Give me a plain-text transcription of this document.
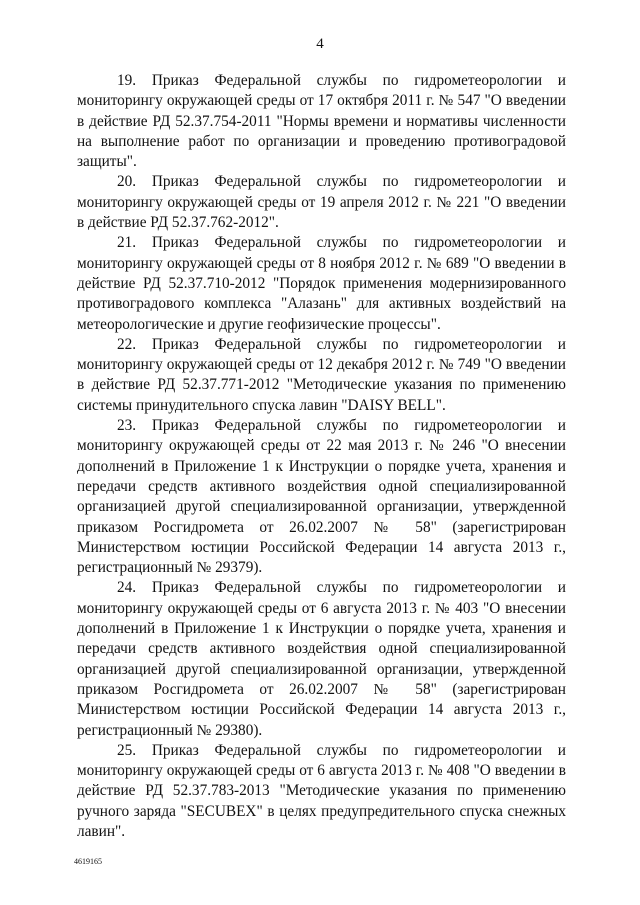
4

19. Приказ Федеральной службы по гидрометеорологии и мониторингу окружающей среды от 17 октября 2011 г. № 547 "О введении в действие РД 52.37.754-2011 "Нормы времени и нормативы численности на выполнение работ по организации и проведению противоградовой защиты".

20. Приказ Федеральной службы по гидрометеорологии и мониторингу окружающей среды от 19 апреля 2012 г. № 221 "О введении в действие РД 52.37.762-2012".

21. Приказ Федеральной службы по гидрометеорологии и мониторингу окружающей среды от 8 ноября 2012 г. № 689 "О введении в действие РД 52.37.710-2012 "Порядок применения модернизированного противоградового комплекса "Алазань" для активных воздействий на метеорологические и другие геофизические процессы".

22. Приказ Федеральной службы по гидрометеорологии и мониторингу окружающей среды от 12 декабря 2012 г. № 749 "О введении в действие РД 52.37.771-2012 "Методические указания по применению системы принудительного спуска лавин "DAISY BELL".

23. Приказ Федеральной службы по гидрометеорологии и мониторингу окружающей среды от 22 мая 2013 г. № 246 "О внесении дополнений в Приложение 1 к Инструкции о порядке учета, хранения и передачи средств активного воздействия одной специализированной организацией другой специализированной организации, утвержденной приказом Росгидромета от 26.02.2007 № 58" (зарегистрирован Министерством юстиции Российской Федерации 14 августа 2013 г., регистрационный № 29379).

24. Приказ Федеральной службы по гидрометеорологии и мониторингу окружающей среды от 6 августа 2013 г. № 403 "О внесении дополнений в Приложение 1 к Инструкции о порядке учета, хранения и передачи средств активного воздействия одной специализированной организацией другой специализированной организации, утвержденной приказом Росгидромета от 26.02.2007 № 58" (зарегистрирован Министерством юстиции Российской Федерации 14 августа 2013 г., регистрационный № 29380).

25. Приказ Федеральной службы по гидрометеорологии и мониторингу окружающей среды от 6 августа 2013 г. № 408 "О введении в действие РД 52.37.783-2013 "Методические указания по применению ручного заряда "SECUBEX" в целях предупредительного спуска снежных лавин".

4619165
